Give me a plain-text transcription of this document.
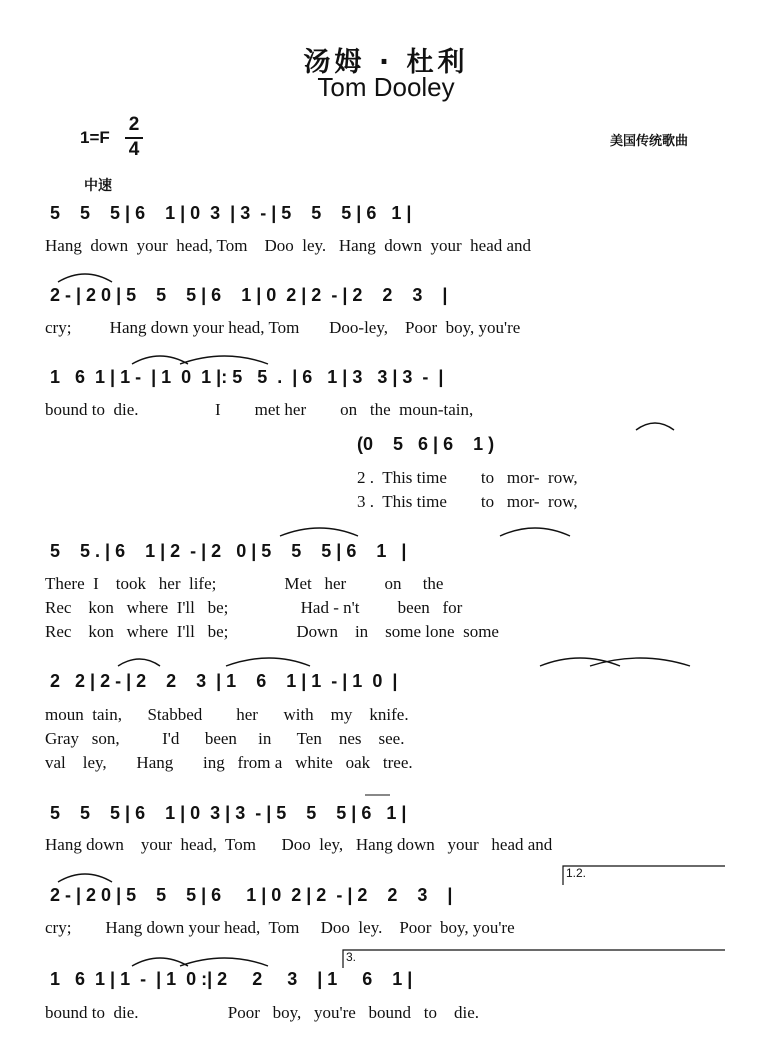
汤姆 · 杜利
Tom Dooley
1=F
2
4	美国传统歌曲
中速
5    5    5 | 6    1 | 0  3  | 3  - | 5    5    5 | 6   1 |
Hang  down  your  head, Tom    Doo  ley.   Hang  down  your  head and
2 - | 2 0 | 5    5    5 | 6    1 | 0  2 | 2  - | 2    2    3    |
cry;         Hang down your head, Tom       Doo-ley,    Poor  boy, you're
1   6  1 | 1 -  | 1  0  1 |: 5   5  .  | 6   1 | 3   3 | 3  -  |
bound to  die.                  I        met her        on   the  moun-tain,
(0    5   6 | 6    1 )
2 .  This time        to   mor-  row,
3 .  This time        to   mor-  row,
5    5 . | 6    1 | 2  - | 2   0 | 5    5    5 | 6    1   |
There  I    took   her  life;                Met   her         on     the
Rec    kon   where  I'll   be;                 Had - n't         been   for
Rec    kon   where  I'll   be;                Down    in    some lone  some
2   2 | 2 - | 2    2    3  | 1    6    1 | 1  - | 1  0  |
moun  tain,      Stabbed        her      with    my    knife.
Gray   son,          I'd      been     in      Ten    nes    see.
val    ley,       Hang       ing   from a   white   oak   tree.
5    5    5 | 6    1 | 0  3 | 3  - | 5    5    5 | 6   1 |
Hang down    your  head,  Tom      Doo  ley,   Hang down   your   head and
2 - | 2 0 | 5    5    5 | 6     1 | 0  2 | 2  - | 2    2    3    |
cry;        Hang down your head,  Tom     Doo  ley.    Poor  boy, you're
1.2.
1   6  1 | 1  -  | 1  0 :| 2     2     3    | 1     6    1 |
bound to  die.                     Poor   boy,   you're   bound   to    die.
3.
